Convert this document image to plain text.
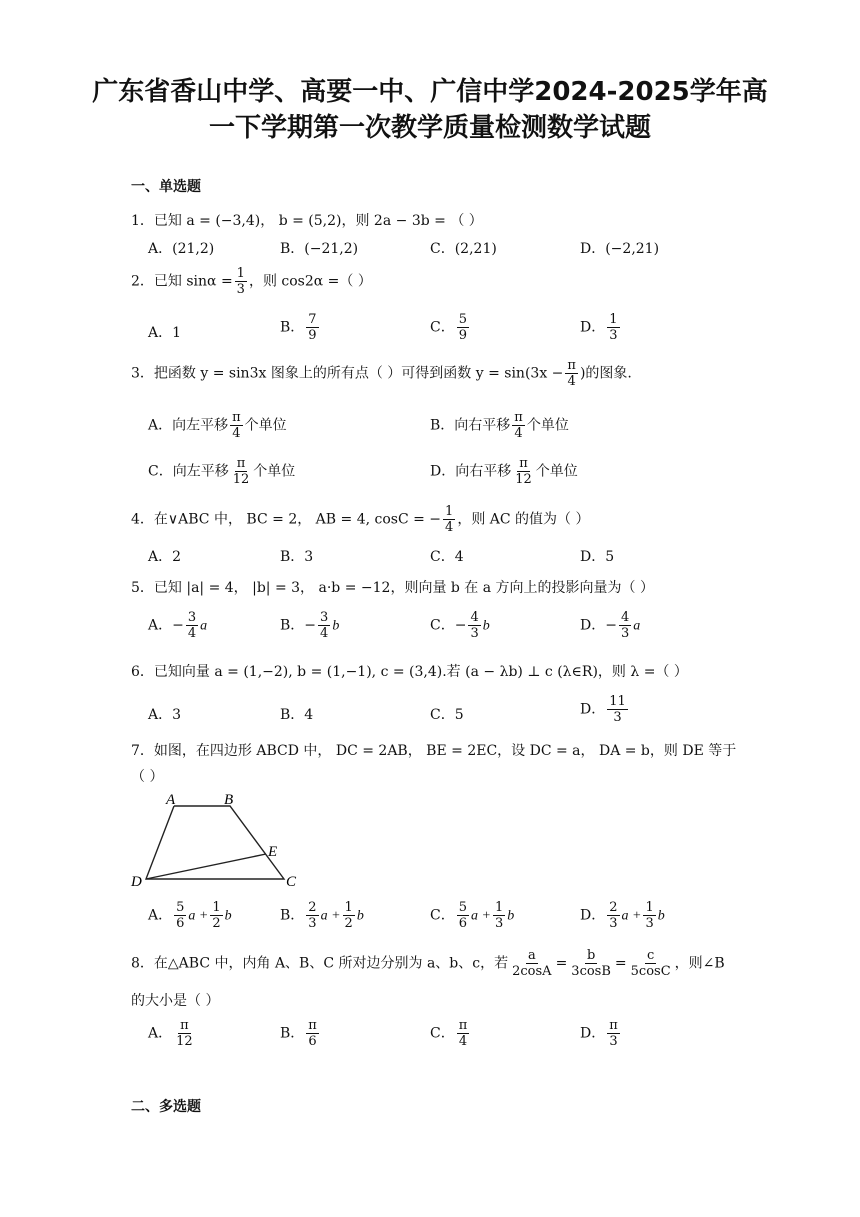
广东省香山中学、高要一中、广信中学2024-2025学年高
一下学期第一次教学质量检测数学试题
一、单选题
1．已知 a = (−3,4)， b = (5,2)，则 2a − 3b = （ ）
A．(21,2)	B．(−21,2)	C．(2,21)	D．(−2,21)
2．已知 $\sin\alpha = \frac{1}{3}$ ，则 cos2α =（ ）
A．1	B． $\frac{7}{9}$	C． $\frac{5}{9}$	D． $\frac{1}{3}$
3．把函数 y = sin3x 图象上的所有点（ ）可得到函数 $y = \sin(3x - \frac{\pi}{4}$ )的图象.
A．向左平移 $\frac{\pi}{4}$ 个单位	B．向右平移 $\frac{\pi}{4}$ 个单位
C．向左平移 $\frac{\pi}{12}$ 个单位	D．向右平移 $\frac{\pi}{12}$ 个单位
4．在∨ABC 中， BC = 2， AB = 4, cosC = − $\frac{1}{4}$ ，则 AC 的值为（ ）
A．2	B．3	C．4	D．5
5．已知 |a| = 4， |b| = 3， a·b = −12，则向量 b 在 a 方向上的投影向量为（ ）
A．− $\frac{3}{4}$ a	B．− $\frac{3}{4}$ b	C．− $\frac{4}{3}$ b	D．− $\frac{4}{3}$ a
6．已知向量 a = (1,−2), b = (1,−1), c = (3,4).若 (a − λb) ⊥ c (λ∈R)，则 λ =（ ）
A．3	B．4	C．5	D． $\frac{11}{3}$
7．如图，在四边形 ABCD 中， DC = 2AB， BE = 2EC，设 DC = a， DA = b，则 DE 等于
（ ）
A	B
E
D	C
A． $\frac{5}{6}$ $a + \frac{1}{2}$ b	B． $\frac{2}{3}$ $a + \frac{1}{2}$ b	C． $\frac{5}{6}$ $a + \frac{1}{3}$ b	D． $\frac{2}{3}$ $a + \frac{1}{3}$ b
8．在△ABC 中，内角 A、B、C 所对边分别为 a、b、c，若 $\frac{a}{2\cos A} = \frac{b}{3\cos B} = \frac{c}{5\cos C}$ ，则∠B
的大小是（ ）
A． $\frac{\pi}{12}$	B． $\frac{\pi}{6}$	C． $\frac{\pi}{4}$	D． $\frac{\pi}{3}$
二、多选题
